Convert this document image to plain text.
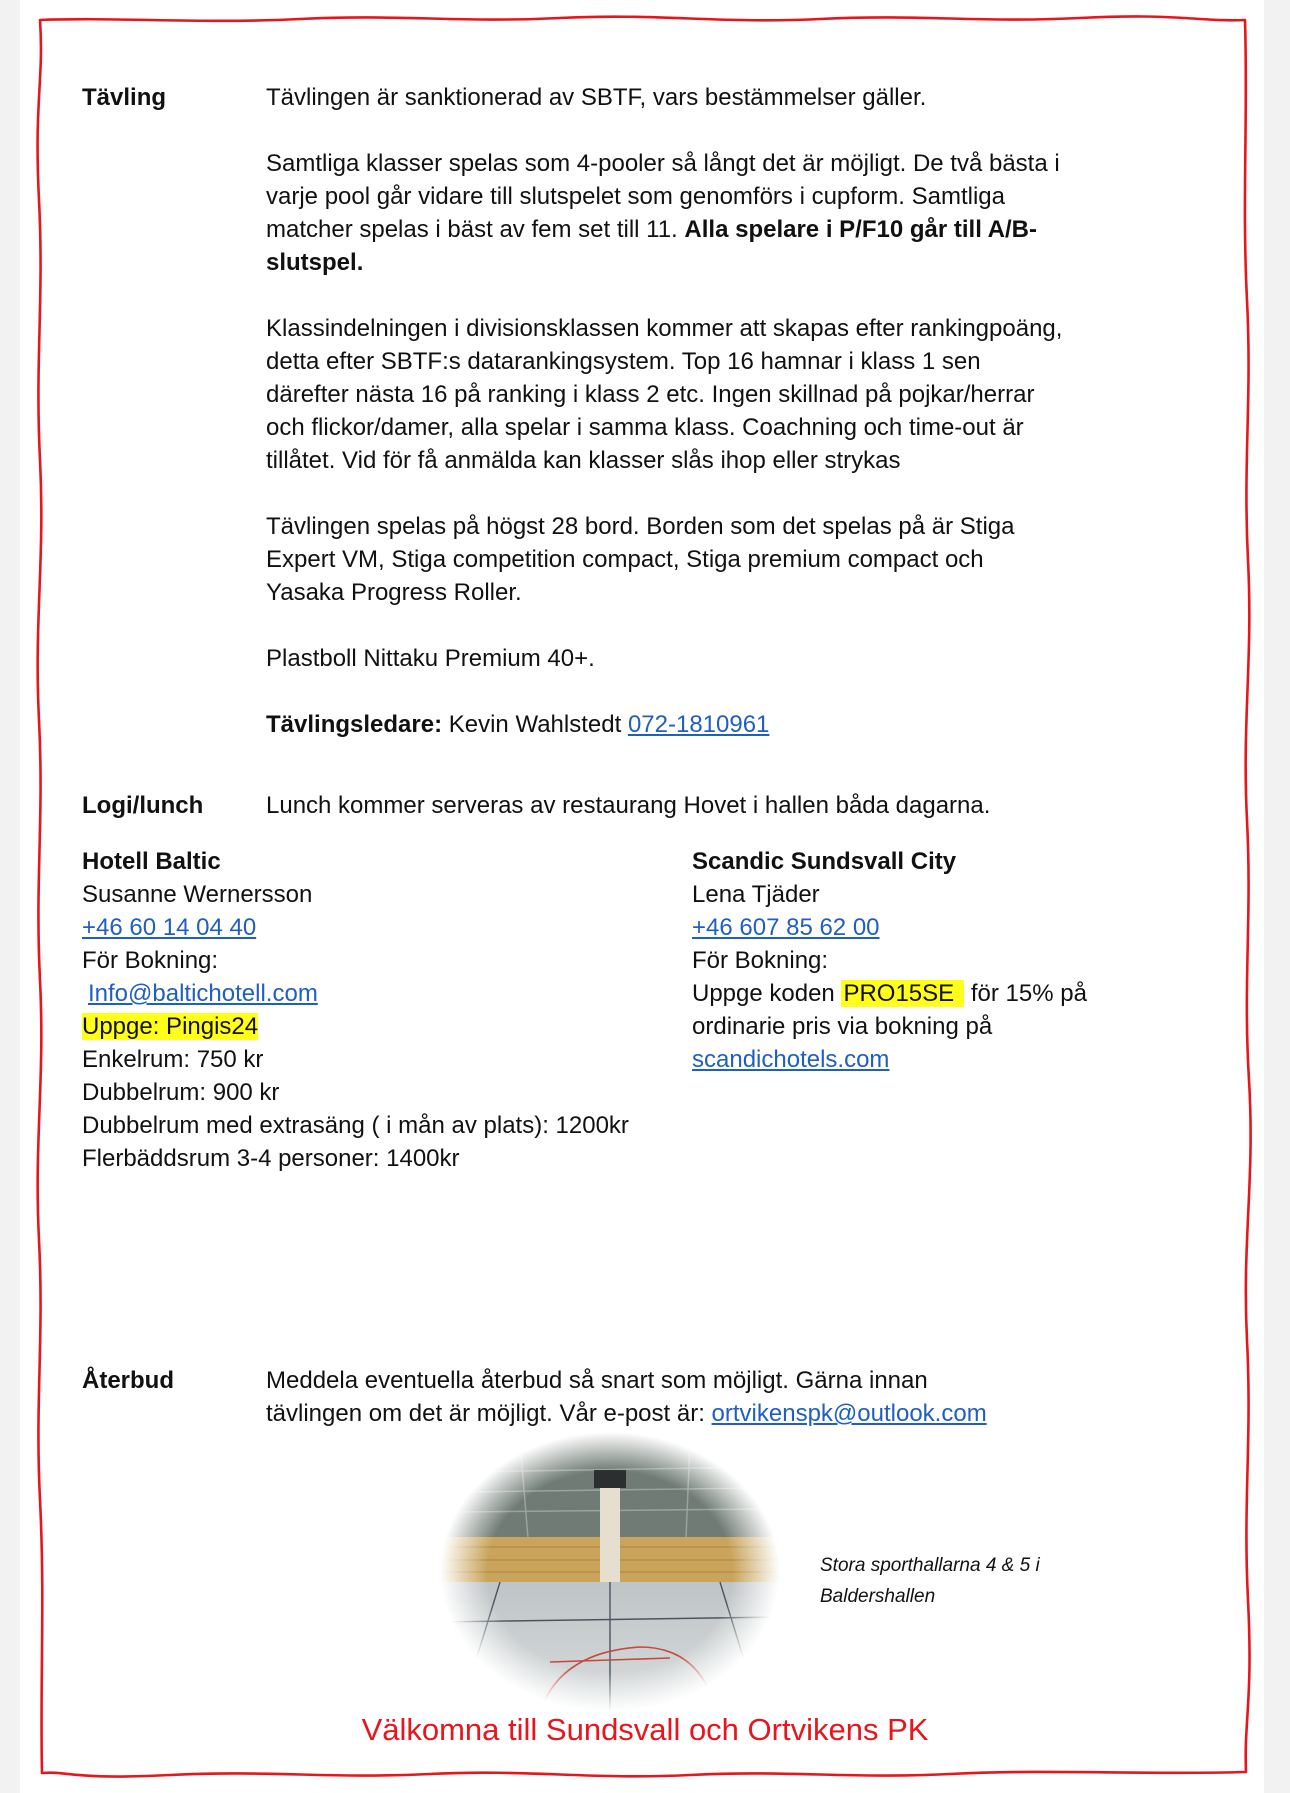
Tävling	Tävlingen är sanktionerad av SBTF, vars bestämmelser gäller.

Samtliga klasser spelas som 4-pooler så långt det är möjligt. De två bästa i varje pool går vidare till slutspelet som genomförs i cupform. Samtliga matcher spelas i bäst av fem set till 11. Alla spelare i P/F10 går till A/B-slutspel.

Klassindelningen i divisionsklassen kommer att skapas efter rankingpoäng, detta efter SBTF:s datarankingsystem. Top 16 hamnar i klass 1 sen därefter nästa 16 på ranking i klass 2 etc. Ingen skillnad på pojkar/herrar och flickor/damer, alla spelar i samma klass. Coachning och time-out är tillåtet. Vid för få anmälda kan klasser slås ihop eller strykas

Tävlingen spelas på högst 28 bord. Borden som det spelas på är Stiga Expert VM, Stiga competition compact, Stiga premium compact och Yasaka Progress Roller.

Plastboll Nittaku Premium 40+.

Tävlingsledare: Kevin Wahlstedt 072-1810961

Logi/lunch	Lunch kommer serveras av restaurang Hovet i hallen båda dagarna.
Hotell Baltic
Susanne Wernersson
+46 60 14 04 40
För Bokning:
Info@baltichotell.com
Uppge: Pingis24
Enkelrum: 750 kr
Dubbelrum: 900 kr
Dubbelrum med extrasäng ( i mån av plats): 1200kr
Flerbäddsrum 3-4 personer: 1400kr
Scandic Sundsvall City
Lena Tjäder
+46 607 85 62 00
För Bokning:
Uppge koden PRO15SE för 15% på
ordinarie pris via bokning på
scandichotels.com
Återbud	Meddela eventuella återbud så snart som möjligt. Gärna innan
tävlingen om det är möjligt. Vår e-post är: ortvikenspk@outlook.com
Stora sporthallarna 4 & 5 i Baldershallen
Välkomna till Sundsvall och Ortvikens PK
